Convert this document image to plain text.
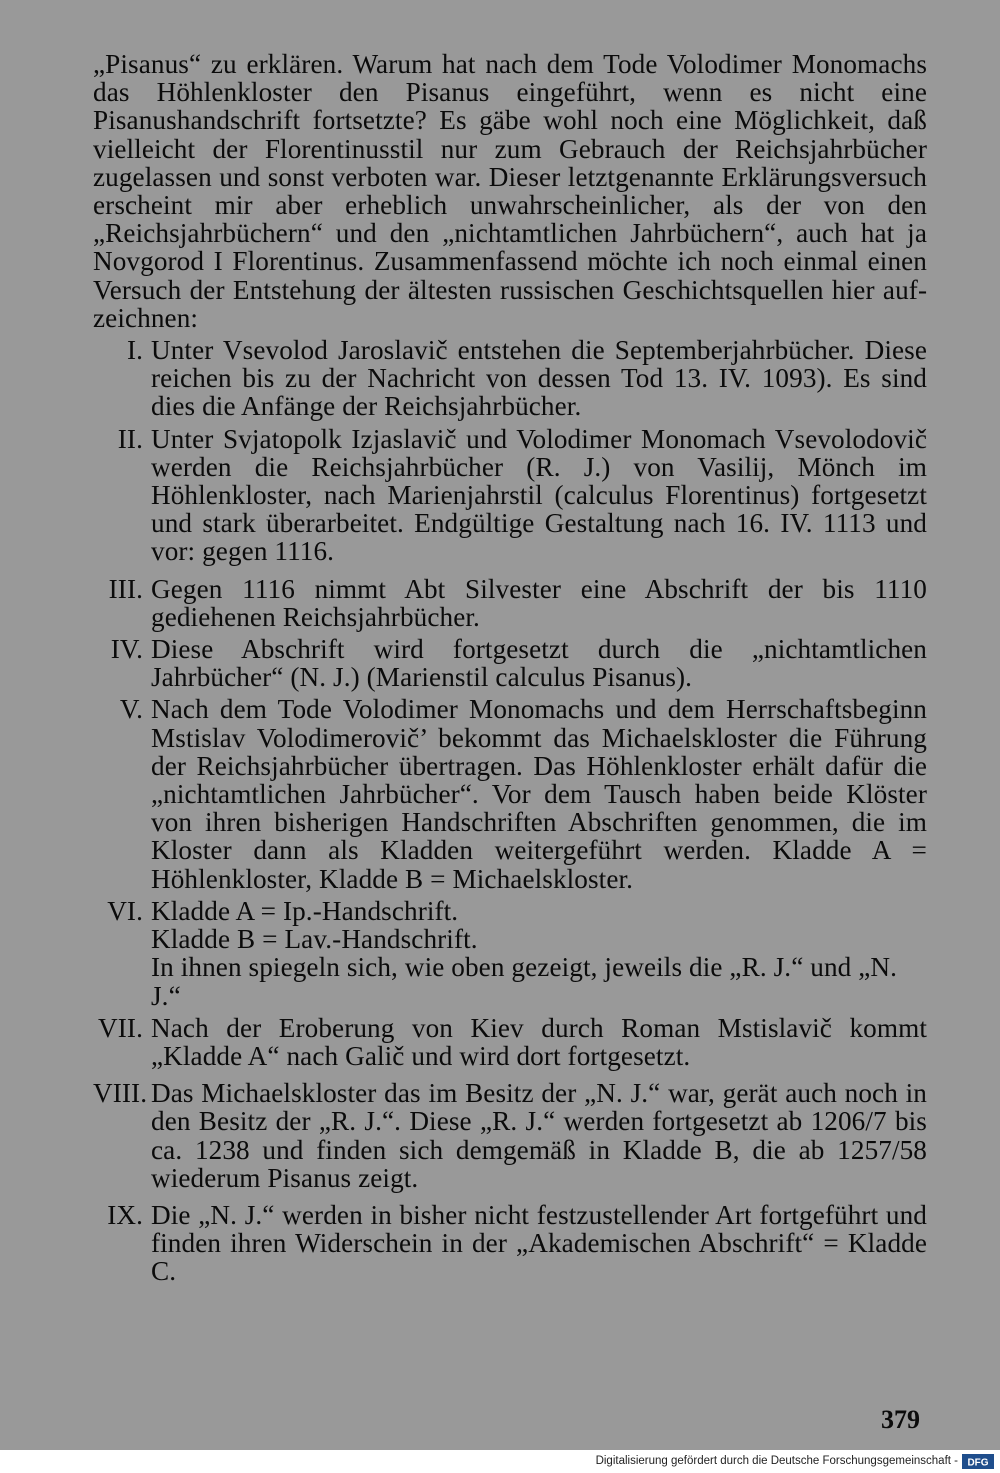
„Pisanus“ zu erklären. Warum hat nach dem Tode Volodimer Monomachs das Höhlenkloster den Pisanus eingeführt, wenn es nicht eine Pisanushandschrift fortsetzte? Es gäbe wohl noch eine Möglichkeit, daß vielleicht der Florentinusstil nur zum Gebrauch der Reichsjahrbücher zugelassen und sonst verboten war. Dieser letztgenannte Erklärungsversuch erscheint mir aber erheblich unwahrscheinlicher, als der von den „Reichsjahrbüchern“ und den „nichtamtlichen Jahrbüchern“, auch hat ja Novgorod I Florentinus. Zusammenfassend möchte ich noch einmal einen Versuch der Entstehung der ältesten russischen Geschichtsquellen hier aufzeichnen:

I. Unter Vsevolod Jaroslavič entstehen die Septemberjahrbücher. Diese reichen bis zu der Nachricht von dessen Tod 13. IV. 1093). Es sind dies die Anfänge der Reichsjahrbücher.
II. Unter Svjatopolk Izjaslavič und Volodimer Monomach Vsevolodovič werden die Reichsjahrbücher (R. J.) von Vasilij, Mönch im Höhlenkloster, nach Marienjahrstil (calculus Florentinus) fortgesetzt und stark überarbeitet. Endgültige Gestaltung nach 16. IV. 1113 und vor: gegen 1116.
III. Gegen 1116 nimmt Abt Silvester eine Abschrift der bis 1110 gediehenen Reichsjahrbücher.
IV. Diese Abschrift wird fortgesetzt durch die „nichtamtlichen Jahrbücher“ (N. J.) (Marienstil calculus Pisanus).
V. Nach dem Tode Volodimer Monomachs und dem Herrschaftsbeginn Mstislav Volodimerovič’ bekommt das Michaelskloster die Führung der Reichsjahrbücher übertragen. Das Höhlenkloster erhält dafür die „nichtamtlichen Jahrbücher“. Vor dem Tausch haben beide Klöster von ihren bisherigen Handschriften Abschriften genommen, die im Kloster dann als Kladden weitergeführt werden. Kladde A = Höhlenkloster, Kladde B = Michaelskloster.
VI. Kladde A = Ip.-Handschrift.
Kladde B = Lav.-Handschrift.
In ihnen spiegeln sich, wie oben gezeigt, jeweils die „R. J.“ und „N. J.“
VII. Nach der Eroberung von Kiev durch Roman Mstislavič kommt „Kladde A“ nach Galič und wird dort fortgesetzt.
VIII. Das Michaelskloster das im Besitz der „N. J.“ war, gerät auch noch in den Besitz der „R. J.“. Diese „R. J.“ werden fortgesetzt ab 1206/7 bis ca. 1238 und finden sich demgemäß in Kladde B, die ab 1257/58 wiederum Pisanus zeigt.
IX. Die „N. J.“ werden in bisher nicht festzustellender Art fortgeführt und finden ihren Widerschein in der „Akademischen Abschrift“ = Kladde C.
379
Digitalisierung gefördert durch die Deutsche Forschungsgemeinschaft - DFG
